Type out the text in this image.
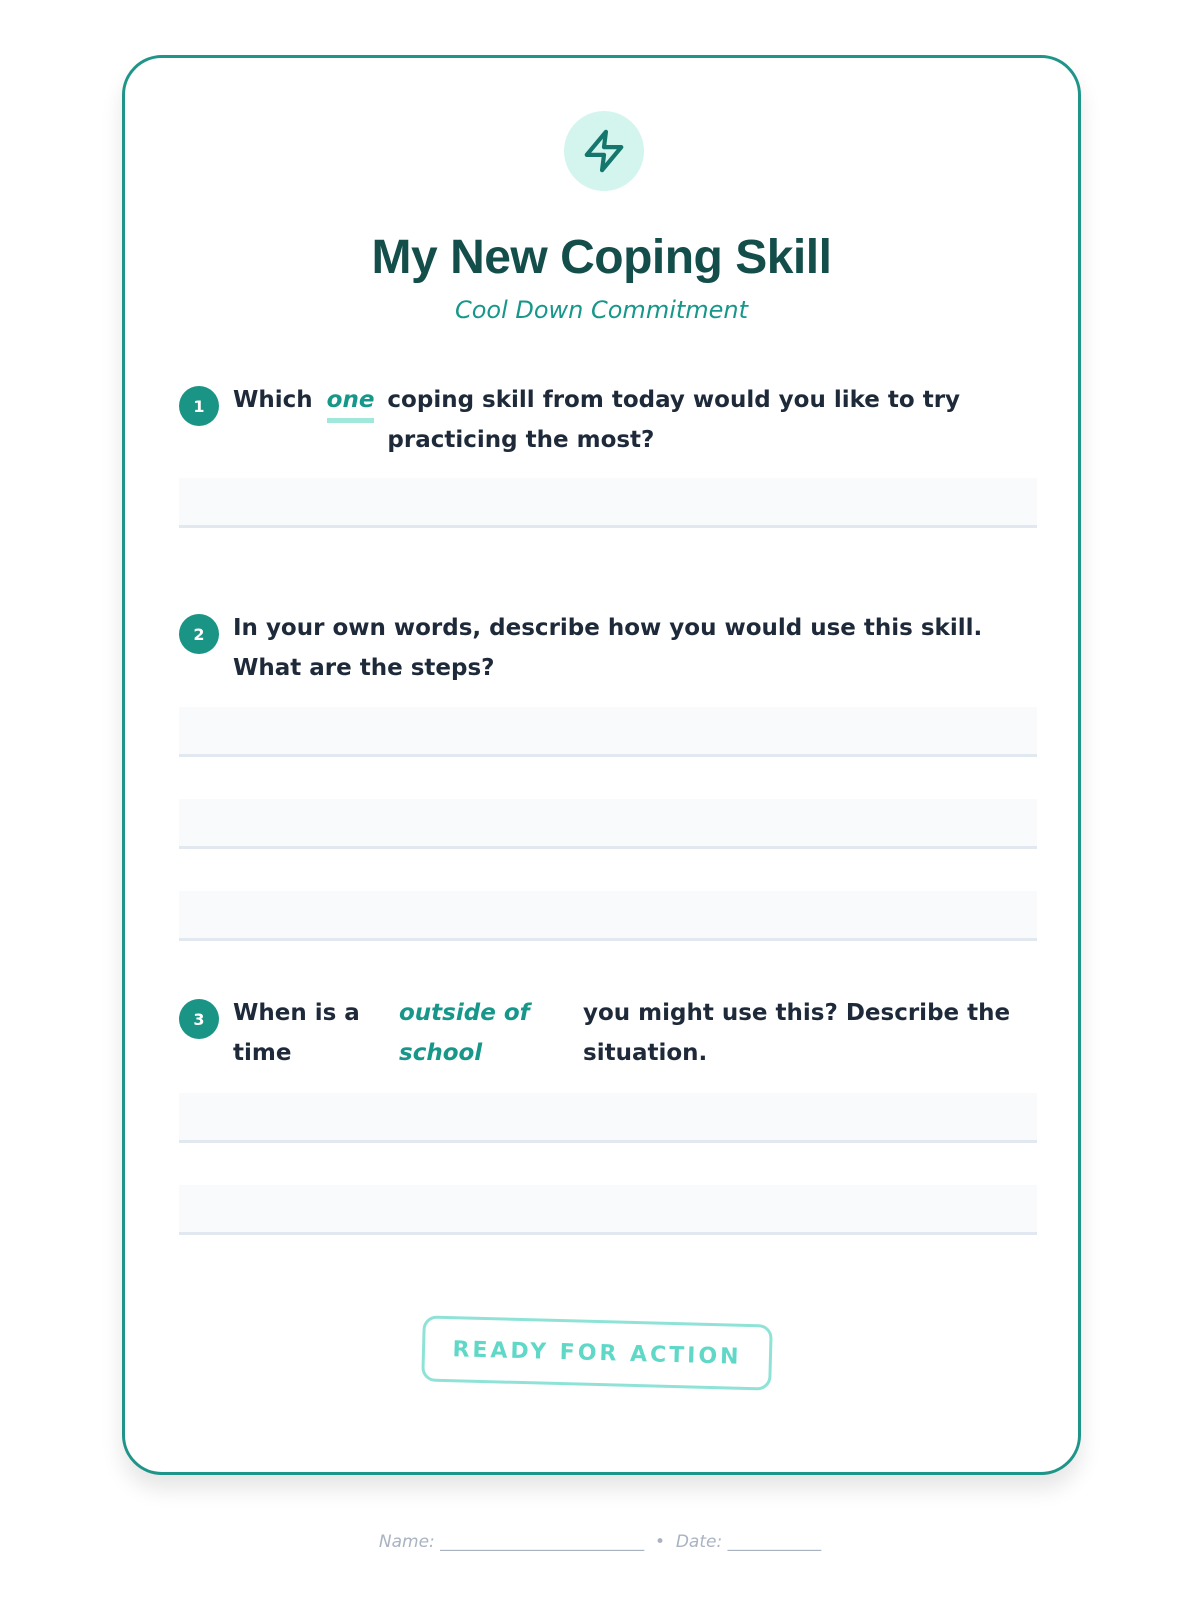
My New Coping Skill
Cool Down Commitment
1	Which one coping skill from today would you like to try practicing the most?
2	In your own words, describe how you would use this skill. What are the steps?
3	When is a time
outside of school
you might use this? Describe the situation.
READY FOR ACTION
Name: ________________________  •  Date: ___________
